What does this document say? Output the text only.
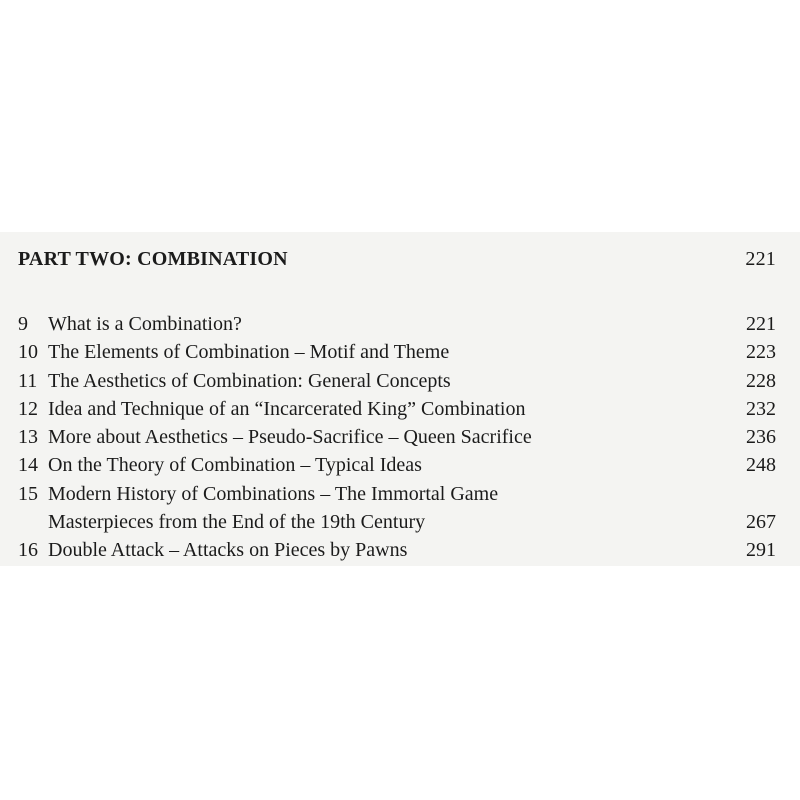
PART TWO: COMBINATION	221
9	What is a Combination?	221
10 The Elements of Combination – Motif and Theme	223
11 The Aesthetics of Combination: General Concepts	228
12 Idea and Technique of an “Incarcerated King” Combination	232
13 More about Aesthetics – Pseudo-Sacrifice – Queen Sacrifice	236
14 On the Theory of Combination – Typical Ideas	248
15 Modern History of Combinations – The Immortal Game
Masterpieces from the End of the 19th Century	267
16 Double Attack – Attacks on Pieces by Pawns	291
